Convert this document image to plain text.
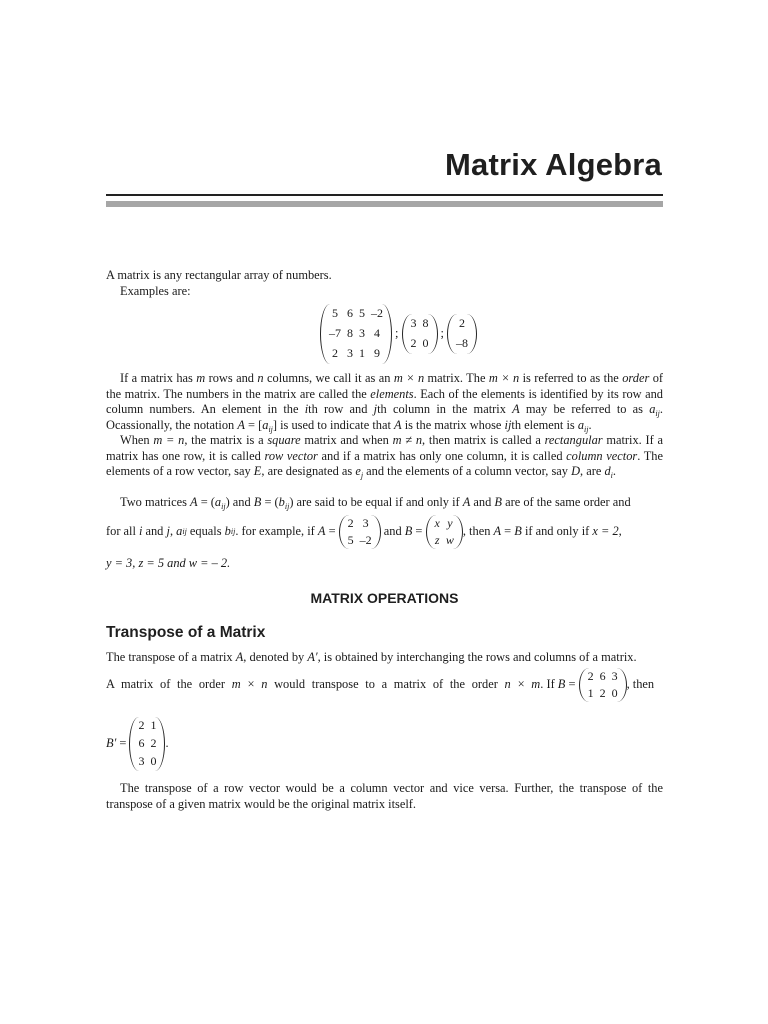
Matrix Algebra

A matrix is any rectangular array of numbers.

Examples are:

5 6 5 –2
–7 8 3 4
2 3 1 9
;
3 8
2 0
;
2
–8

If a matrix has m rows and n columns, we call it as an m × n matrix. The m × n is referred to as the order of the matrix. The numbers in the matrix are called the elements. Each of the elements is identified by its row and column numbers. An element in the ith row and jth column in the matrix A may be referred to as $a_{ij}$. Ocassionally, the notation $A = [a_{ij}]$ is used to indicate that A is the matrix whose ijth element is $a_{ij}$.

When m = n, the matrix is a square matrix and when m ≠ n, then matrix is called a rectangular matrix. If a matrix has one row, it is called row vector and if a matrix has only one column, it is called column vector. The elements of a row vector, say E, are designated as $e_j$ and the elements of a column vector, say D, are $d_i$.

Two matrices $A = (a_{ij})$ and $B = (b_{ij})$ are said to be equal if and only if A and B are of the same order and

for all i and j , a ij equals b ij . for example, if A =
2 3
5 –2
and B =
x y
z w
, then A = B if and only if x = 2,

y = 3, z = 5 and w = – 2.

MATRIX OPERATIONS
Transpose of a Matrix

The transpose of a matrix A, denoted by A′, is obtained by interchanging the rows and columns of a matrix.

A matrix of the order m × n would transpose to a matrix of the order n × m . If B =
2 6 3
1 2 0
, then
B′ =
2 1
6 2
3 0
.

The transpose of a row vector would be a column vector and vice versa. Further, the transpose of the transpose of a given matrix would be the original matrix itself.
